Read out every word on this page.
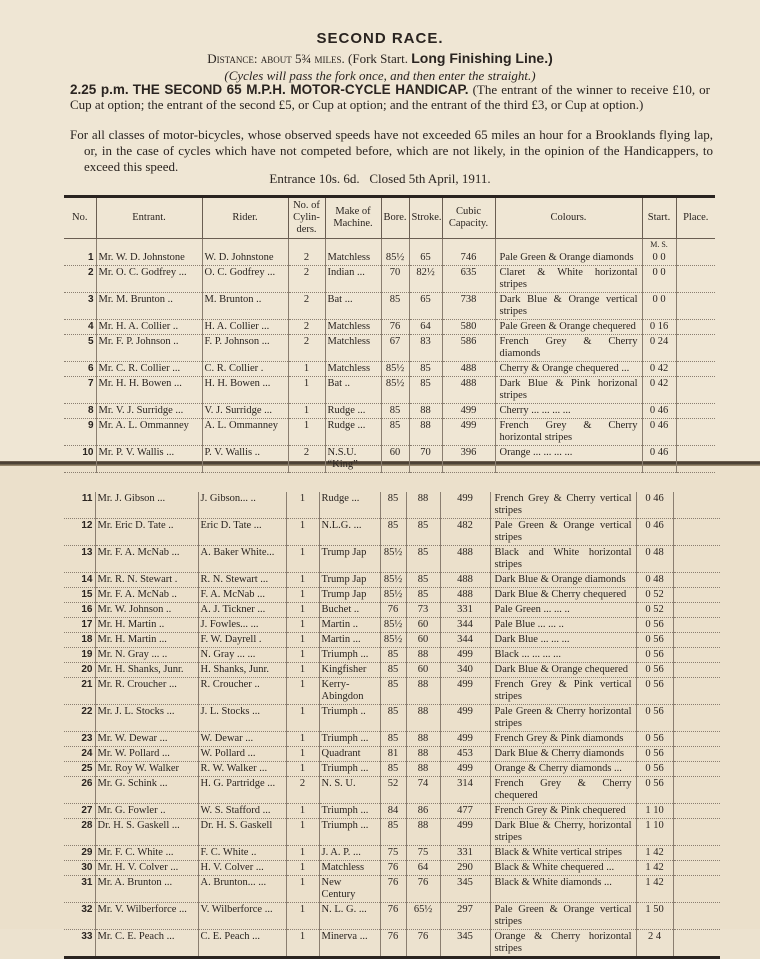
SECOND RACE.
Distance: about 5¾ miles. (Fork Start. Long Finishing Line.)
(Cycles will pass the fork once, and then enter the straight.)
2.25 p.m. THE SECOND 65 M.P.H. MOTOR-CYCLE HANDICAP. (The entrant of the winner to receive £10, or Cup at option; the entrant of the second £5, or Cup at option; and the entrant of the third £3, or Cup at option.)
For all classes of motor-bicycles, whose observed speeds have not exceeded 65 miles an hour for a Brooklands flying lap, or, in the case of cycles which have not competed before, which are not likely, in the opinion of the Handicappers, to exceed this speed.
Entrance 10s. 6d. Closed 5th April, 1911.
No.	Entrant.	Rider.	No. of Cylin-ders.	Make of Machine.	Bore.	Stroke.	Cubic Capacity.	Colours.	Start.	Place.
									M. S.	
1	Mr. W. D. Johnstone	W. D. Johnstone	2	Matchless	85½	65	746	Pale Green & Orange diamonds	0 0	
2	Mr. O. C. Godfrey ...	O. C. Godfrey ...	2	Indian ...	70	82½	635	Claret & White horizontal stripes	0 0	
3	Mr. M. Brunton ..	M. Brunton ..	2	Bat ...	85	65	738	Dark Blue & Orange vertical stripes	0 0	
4	Mr. H. A. Collier ..	H. A. Collier ...	2	Matchless	76	64	580	Pale Green & Orange chequered	0 16	
5	Mr. F. P. Johnson ..	F. P. Johnson ...	2	Matchless	67	83	586	French Grey & Cherry diamonds	0 24	
6	Mr. C. R. Collier ...	C. R. Collier .	1	Matchless	85½	85	488	Cherry & Orange chequered ...	0 42	
7	Mr. H. H. Bowen ...	H. H. Bowen ...	1	Bat ..	85½	85	488	Dark Blue & Pink horizonal stripes	0 42	
8	Mr. V. J. Surridge ...	V. J. Surridge ...	1	Rudge ...	85	88	499	Cherry ... ... ... ...	0 46	
9	Mr. A. L. Ommanney	A. L. Ommanney	1	Rudge ...	85	88	499	French Grey & Cherry horizontal stripes	0 46	
10	Mr. P. V. Wallis ...	P. V. Wallis ..	2	N.S.U. “King”	60	70	396	Orange ... ... ... ...	0 46	
11	Mr. J. Gibson ...	J. Gibson... ..	1	Rudge ...	85	88	499	French Grey & Cherry vertical stripes	0 46	
12	Mr. Eric D. Tate ..	Eric D. Tate ...	1	N.L.G. ...	85	85	482	Pale Green & Orange vertical stripes	0 46	
13	Mr. F. A. McNab ...	A. Baker White...	1	Trump Jap	85½	85	488	Black and White horizontal stripes	0 48	
14	Mr. R. N. Stewart .	R. N. Stewart ...	1	Trump Jap	85½	85	488	Dark Blue & Orange diamonds	0 48	
15	Mr. F. A. McNab ..	F. A. McNab ...	1	Trump Jap	85½	85	488	Dark Blue & Cherry chequered	0 52	
16	Mr. W. Johnson ..	A. J. Tickner ...	1	Buchet ..	76	73	331	Pale Green ... ... ..	0 52	
17	Mr. H. Martin ..	J. Fowles... ...	1	Martin ..	85½	60	344	Pale Blue ... ... ..	0 56	
18	Mr. H. Martin ...	F. W. Dayrell .	1	Martin ...	85½	60	344	Dark Blue ... ... ...	0 56	
19	Mr. N. Gray ... ..	N. Gray ... ...	1	Triumph ...	85	88	499	Black ... ... ... ...	0 56	
20	Mr. H. Shanks, Junr.	H. Shanks, Junr.	1	Kingfisher	85	60	340	Dark Blue & Orange chequered	0 56	
21	Mr. R. Croucher ...	R. Croucher ..	1	Kerry-Abingdon	85	88	499	French Grey & Pink vertical stripes	0 56	
22	Mr. J. L. Stocks ...	J. L. Stocks ...	1	Triumph ..	85	88	499	Pale Green & Cherry horizontal stripes	0 56	
23	Mr. W. Dewar ...	W. Dewar ...	1	Triumph ...	85	88	499	French Grey & Pink diamonds	0 56	
24	Mr. W. Pollard ...	W. Pollard ...	1	Quadrant	81	88	453	Dark Blue & Cherry diamonds	0 56	
25	Mr. Roy W. Walker	R. W. Walker ...	1	Triumph ...	85	88	499	Orange & Cherry diamonds ...	0 56	
26	Mr. G. Schink ...	H. G. Partridge ...	2	N. S. U.	52	74	314	French Grey & Cherry chequered	0 56	
27	Mr. G. Fowler ..	W. S. Stafford ...	1	Triumph ...	84	86	477	French Grey & Pink chequered	1 10	
28	Dr. H. S. Gaskell ...	Dr. H. S. Gaskell	1	Triumph ...	85	88	499	Dark Blue & Cherry, horizontal stripes	1 10	
29	Mr. F. C. White ...	F. C. White ..	1	J. A. P. ...	75	75	331	Black & White vertical stripes	1 42	
30	Mr. H. V. Colver ...	H. V. Colver ...	1	Matchless	76	64	290	Black & White chequered ...	1 42	
31	Mr. A. Brunton ...	A. Brunton... ...	1	New Century	76	76	345	Black & White diamonds ...	1 42	
32	Mr. V. Wilberforce ...	V. Wilberforce ...	1	N. L. G. ...	76	65½	297	Pale Green & Orange vertical stripes	1 50	
33	Mr. C. E. Peach ...	C. E. Peach ...	1	Minerva ...	76	76	345	Orange & Cherry horizontal stripes	2 4	
